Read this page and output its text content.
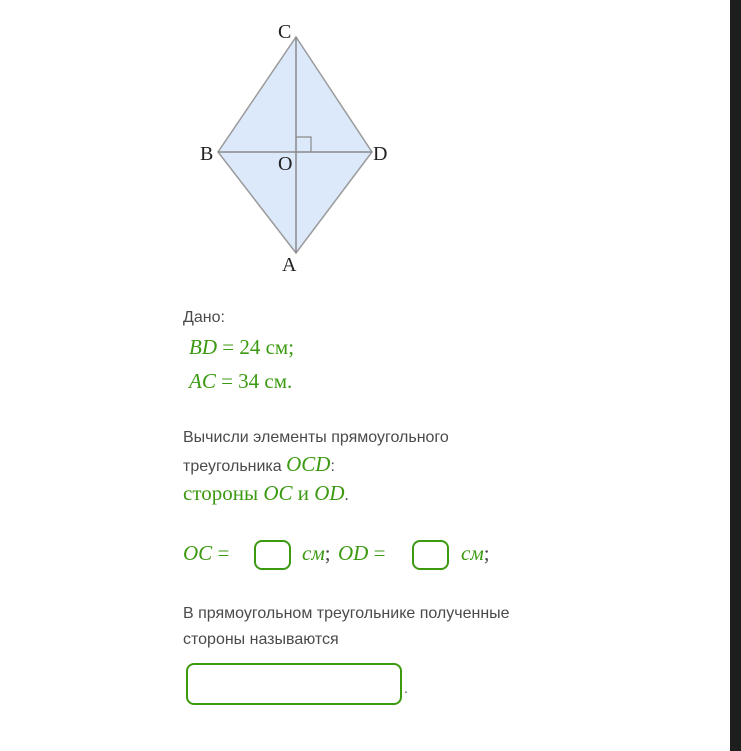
C
B	O	D
A
Дано:
BD = 24 см;
AC = 34 см.
Вычисли элементы прямоугольного
треугольника OCD:
стороны OC и OD.
OC =	см; OD =	см;
В прямоугольном треугольнике полученные
стороны называются
.
